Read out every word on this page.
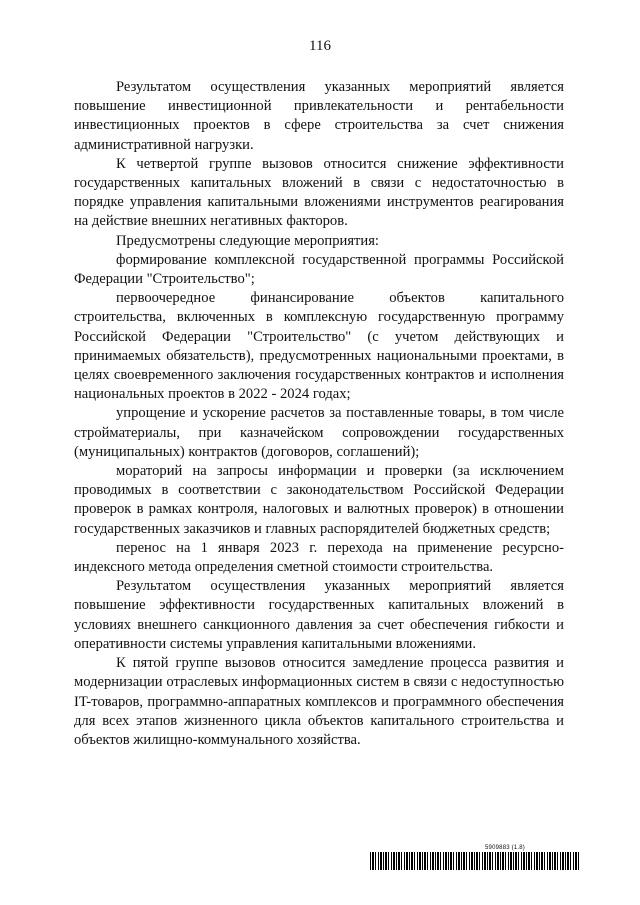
116

Результатом осуществления указанных мероприятий является повышение инвестиционной привлекательности и рентабельности инвестиционных проектов в сфере строительства за счет снижения административной нагрузки.

К четвертой группе вызовов относится снижение эффективности государственных капитальных вложений в связи с недостаточностью в порядке управления капитальными вложениями инструментов реагирования на действие внешних негативных факторов.

Предусмотрены следующие мероприятия:

формирование комплексной государственной программы Российской Федерации "Строительство";

первоочередное финансирование объектов капитального строительства, включенных в комплексную государственную программу Российской Федерации "Строительство" (с учетом действующих и принимаемых обязательств), предусмотренных национальными проектами, в целях своевременного заключения государственных контрактов и исполнения национальных проектов в 2022 - 2024 годах;

упрощение и ускорение расчетов за поставленные товары, в том числе стройматериалы, при казначейском сопровождении государственных (муниципальных) контрактов (договоров, соглашений);

мораторий на запросы информации и проверки (за исключением проводимых в соответствии с законодательством Российской Федерации проверок в рамках контроля, налоговых и валютных проверок) в отношении государственных заказчиков и главных распорядителей бюджетных средств;

перенос на 1 января 2023 г. перехода на применение ресурсно-индексного метода определения сметной стоимости строительства.

Результатом осуществления указанных мероприятий является повышение эффективности государственных капитальных вложений в условиях внешнего санкционного давления за счет обеспечения гибкости и оперативности системы управления капитальными вложениями.

К пятой группе вызовов относится замедление процесса развития и модернизации отраслевых информационных систем в связи с недоступностью IT-товаров, программно-аппаратных комплексов и программного обеспечения для всех этапов жизненного цикла объектов капитального строительства и объектов жилищно-коммунального хозяйства.

5909883 (1.8)
